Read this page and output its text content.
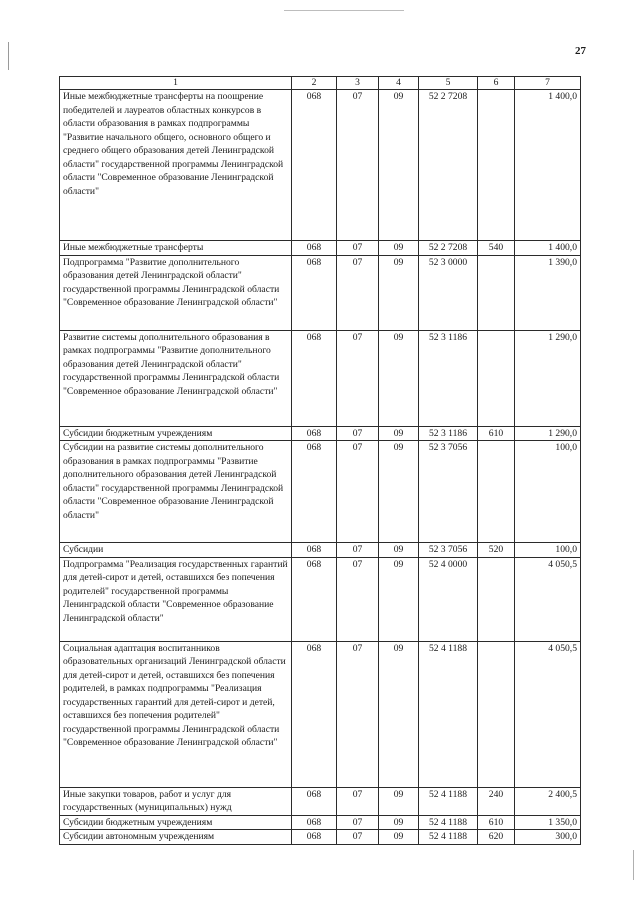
27
1	2	3	4	5	6	7
Иные межбюджетные трансферты на поощрение победителей и лауреатов областных конкурсов в области образования в рамках подпрограммы "Развитие начального общего, основного общего и среднего общего образования детей Ленинградской области" государственной программы Ленинградской области "Современное образование Ленинградской области"	068	07	09	52 2 7208		1 400,0
Иные межбюджетные трансферты	068	07	09	52 2 7208	540	1 400,0
Подпрограмма "Развитие дополнительного образования детей Ленинградской области" государственной программы Ленинградской области "Современное образование Ленинградской области"	068	07	09	52 3 0000		1 390,0
Развитие системы дополнительного образования в рамках подпрограммы "Развитие дополнительного образования детей Ленинградской области" государственной программы Ленинградской области "Современное образование Ленинградской области"	068	07	09	52 3 1186		1 290,0
Субсидии бюджетным учреждениям	068	07	09	52 3 1186	610	1 290,0
Субсидии на развитие системы дополнительного образования в рамках подпрограммы "Развитие дополнительного образования детей Ленинградской области" государственной программы Ленинградской области "Современное образование Ленинградской области"	068	07	09	52 3 7056		100,0
Субсидии	068	07	09	52 3 7056	520	100,0
Подпрограмма "Реализация государственных гарантий для детей-сирот и детей, оставшихся без попечения родителей" государственной программы Ленинградской области "Современное образование Ленинградской области"	068	07	09	52 4 0000		4 050,5
Социальная адаптация воспитанников образовательных организаций Ленинградской области для детей-сирот и детей, оставшихся без попечения родителей, в рамках подпрограммы "Реализация государственных гарантий для детей-сирот и детей, оставшихся без попечения родителей" государственной программы Ленинградской области "Современное образование Ленинградской области"	068	07	09	52 4 1188		4 050,5
Иные закупки товаров, работ и услуг для государственных (муниципальных) нужд	068	07	09	52 4 1188	240	2 400,5
Субсидии бюджетным учреждениям	068	07	09	52 4 1188	610	1 350,0
Субсидии автономным учреждениям	068	07	09	52 4 1188	620	300,0
